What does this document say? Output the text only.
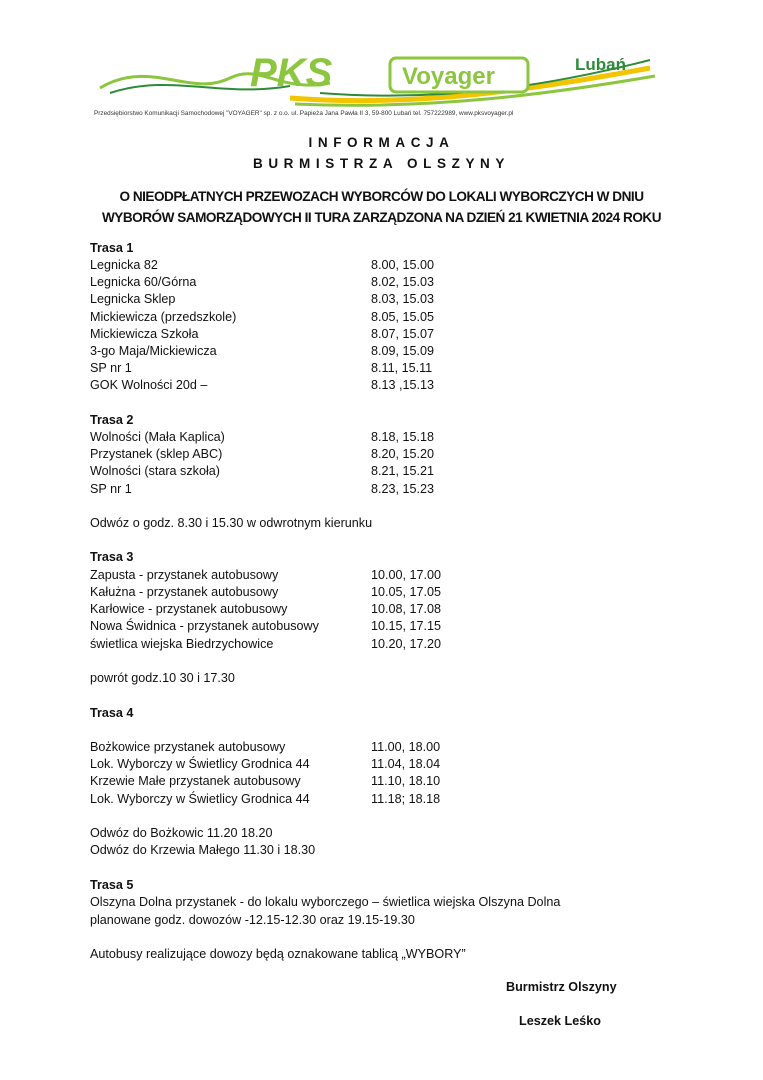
PKS	Voyager	Lubań
Przedsiębiorstwo Komunikacji Samochodowej "VOYAGER" sp. z o.o. ul. Papieża Jana Pawła II 3, 59-800 Lubań tel. 757222989, www.pksvoyager.pl
INFORMACJA
BURMISTRZA OLSZYNY
O NIEODPŁATNYCH PRZEWOZACH WYBORCÓW DO LOKALI WYBORCZYCH W DNIU
WYBORÓW SAMORZĄDOWYCH II TURA ZARZĄDZONA NA DZIEŃ 21 KWIETNIA 2024 ROKU
Trasa 1
Legnicka 82	8.00, 15.00
Legnicka 60/Górna	8.02, 15.03
Legnicka Sklep	8.03, 15.03
Mickiewicza (przedszkole)	8.05, 15.05
Mickiewicza Szkoła	8.07, 15.07
3-go Maja/Mickiewicza	8.09, 15.09
SP nr 1	8.11, 15.11
GOK Wolności 20d –	8.13 ,15.13
Trasa 2
Wolności (Mała Kaplica)	8.18, 15.18
Przystanek (sklep ABC)	8.20, 15.20
Wolności (stara szkoła)	8.21, 15.21
SP nr 1	8.23, 15.23
Odwóz o godz. 8.30 i 15.30 w odwrotnym kierunku
Trasa 3
Zapusta - przystanek autobusowy	10.00, 17.00
Kałużna - przystanek autobusowy	10.05, 17.05
Karłowice - przystanek autobusowy	10.08, 17.08
Nowa Świdnica - przystanek autobusowy	10.15, 17.15
świetlica wiejska Biedrzychowice	10.20, 17.20
powrót godz.10 30 i 17.30
Trasa 4
Bożkowice przystanek autobusowy	11.00, 18.00
Lok. Wyborczy w Świetlicy Grodnica 44	11.04, 18.04
Krzewie Małe przystanek autobusowy	11.10, 18.10
Lok. Wyborczy w Świetlicy Grodnica 44	11.18; 18.18
Odwóz do Bożkowic 11.20 18.20
Odwóz do Krzewia Małego 11.30 i 18.30
Trasa 5
Olszyna Dolna przystanek - do lokalu wyborczego – świetlica wiejska Olszyna Dolna
planowane godz. dowozów -12.15-12.30 oraz 19.15-19.30
Autobusy realizujące dowozy będą oznakowane tablicą „WYBORY”
Burmistrz Olszyny
Leszek Leśko
